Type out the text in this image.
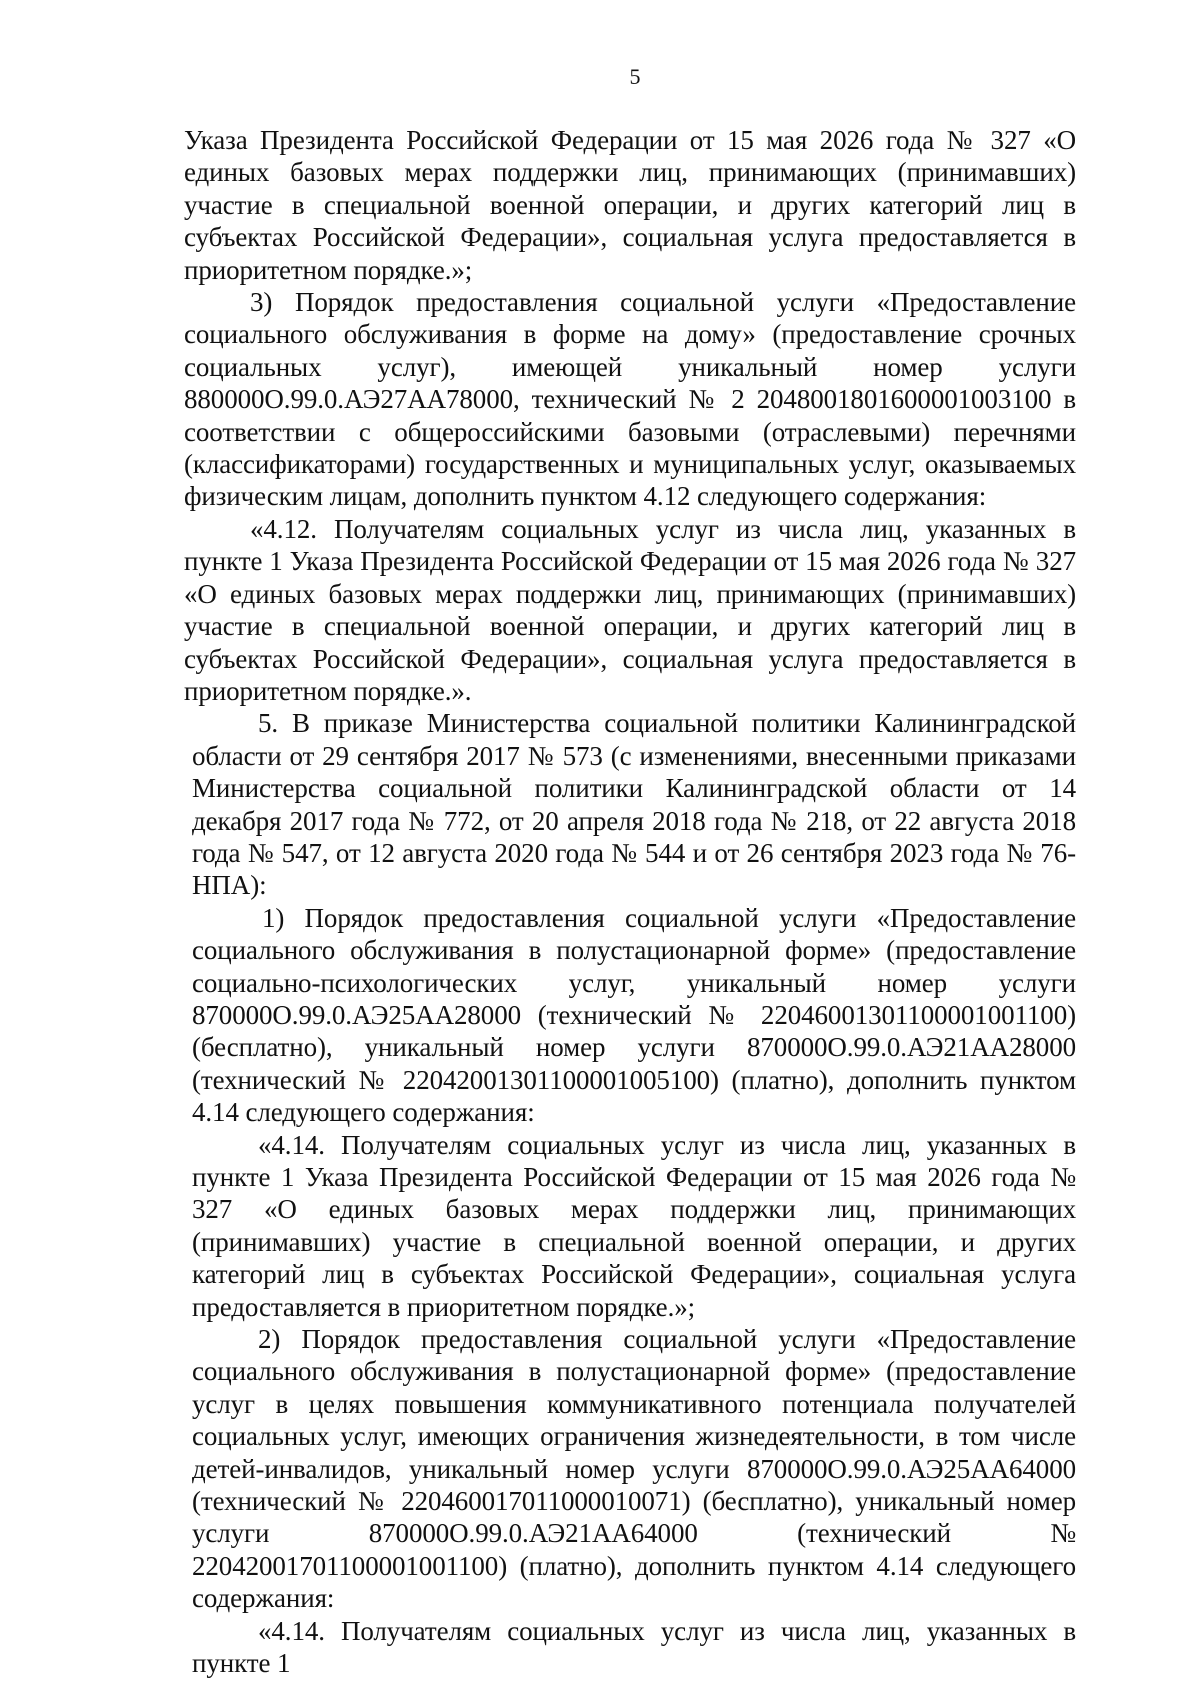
5

Указа Президента Российской Федерации от 15 мая 2026 года № 327 «О единых базовых мерах поддержки лиц, принимающих (принимавших) участие в специальной военной операции, и других категорий лиц в субъектах Российской Федерации», социальная услуга предоставляется в приоритетном порядке.»;

3) Порядок предоставления социальной услуги «Предоставление социального обслуживания в форме на дому» (предоставление срочных социальных услуг), имеющей уникальный номер услуги 880000О.99.0.АЭ27АА78000, технический № 2 20480018016000010031​00 в соответствии с общероссийскими базовыми (отраслевыми) перечнями (классификаторами) государственных и муниципальных услуг, оказываемых физическим лицам, дополнить пунктом 4.12 следующего содержания:

«4.12. Получателям социальных услуг из числа лиц, указанных в пункте 1 Указа Президента Российской Федерации от 15 мая 2026 года № 327 «О единых базовых мерах поддержки лиц, принимающих (принимавших) участие в специальной военной операции, и других категорий лиц в субъектах Российской Федерации», социальная услуга предоставляется в приоритетном порядке.».

5. В приказе Министерства социальной политики Калининградской области от 29 сентября 2017 № 573 (с изменениями, внесенными приказами Министерства социальной политики Калининградской области от 14 декабря 2017 года № 772, от 20 апреля 2018 года № 218, от 22 августа 2018 года № 547, от 12 августа 2020 года № 544 и от 26 сентября 2023 года № 76-НПА):

1) Порядок предоставления социальной услуги «Предоставление социального обслуживания в полустационарной форме» (предоставление социально-психологических услуг, уникальный номер услуги 870000О.99.0.АЭ25АА28000 (технический № 22046001301100001001100) (бесплатно), уникальный номер услуги 870000О.99.0.АЭ21АА28000 (технический № 22042001301100001005100) (платно), дополнить пунктом 4.14 следующего содержания:

«4.14. Получателям социальных услуг из числа лиц, указанных в пункте 1 Указа Президента Российской Федерации от 15 мая 2026 года № 327 «О единых базовых мерах поддержки лиц, принимающих (принимавших) участие в специальной военной операции, и других категорий лиц в субъектах Российской Федерации», социальная услуга предоставляется в приоритетном порядке.»;

2) Порядок предоставления социальной услуги «Предоставление социального обслуживания в полустационарной форме» (предоставление услуг в целях повышения коммуникативного потенциала получателей социальных услуг, имеющих ограничения жизнедеятельности, в том числе детей-инвалидов, уникальный номер услуги 870000О.99.0.АЭ25АА64000 (технический № 22046001701100001007​1) (бесплатно), уникальный номер услуги 870000О.99.0.АЭ21АА64000 (технический № 22042001701100001001100) (платно), дополнить пунктом 4.14 следующего содержания:

«4.14. Получателям социальных услуг из числа лиц, указанных в пункте 1
